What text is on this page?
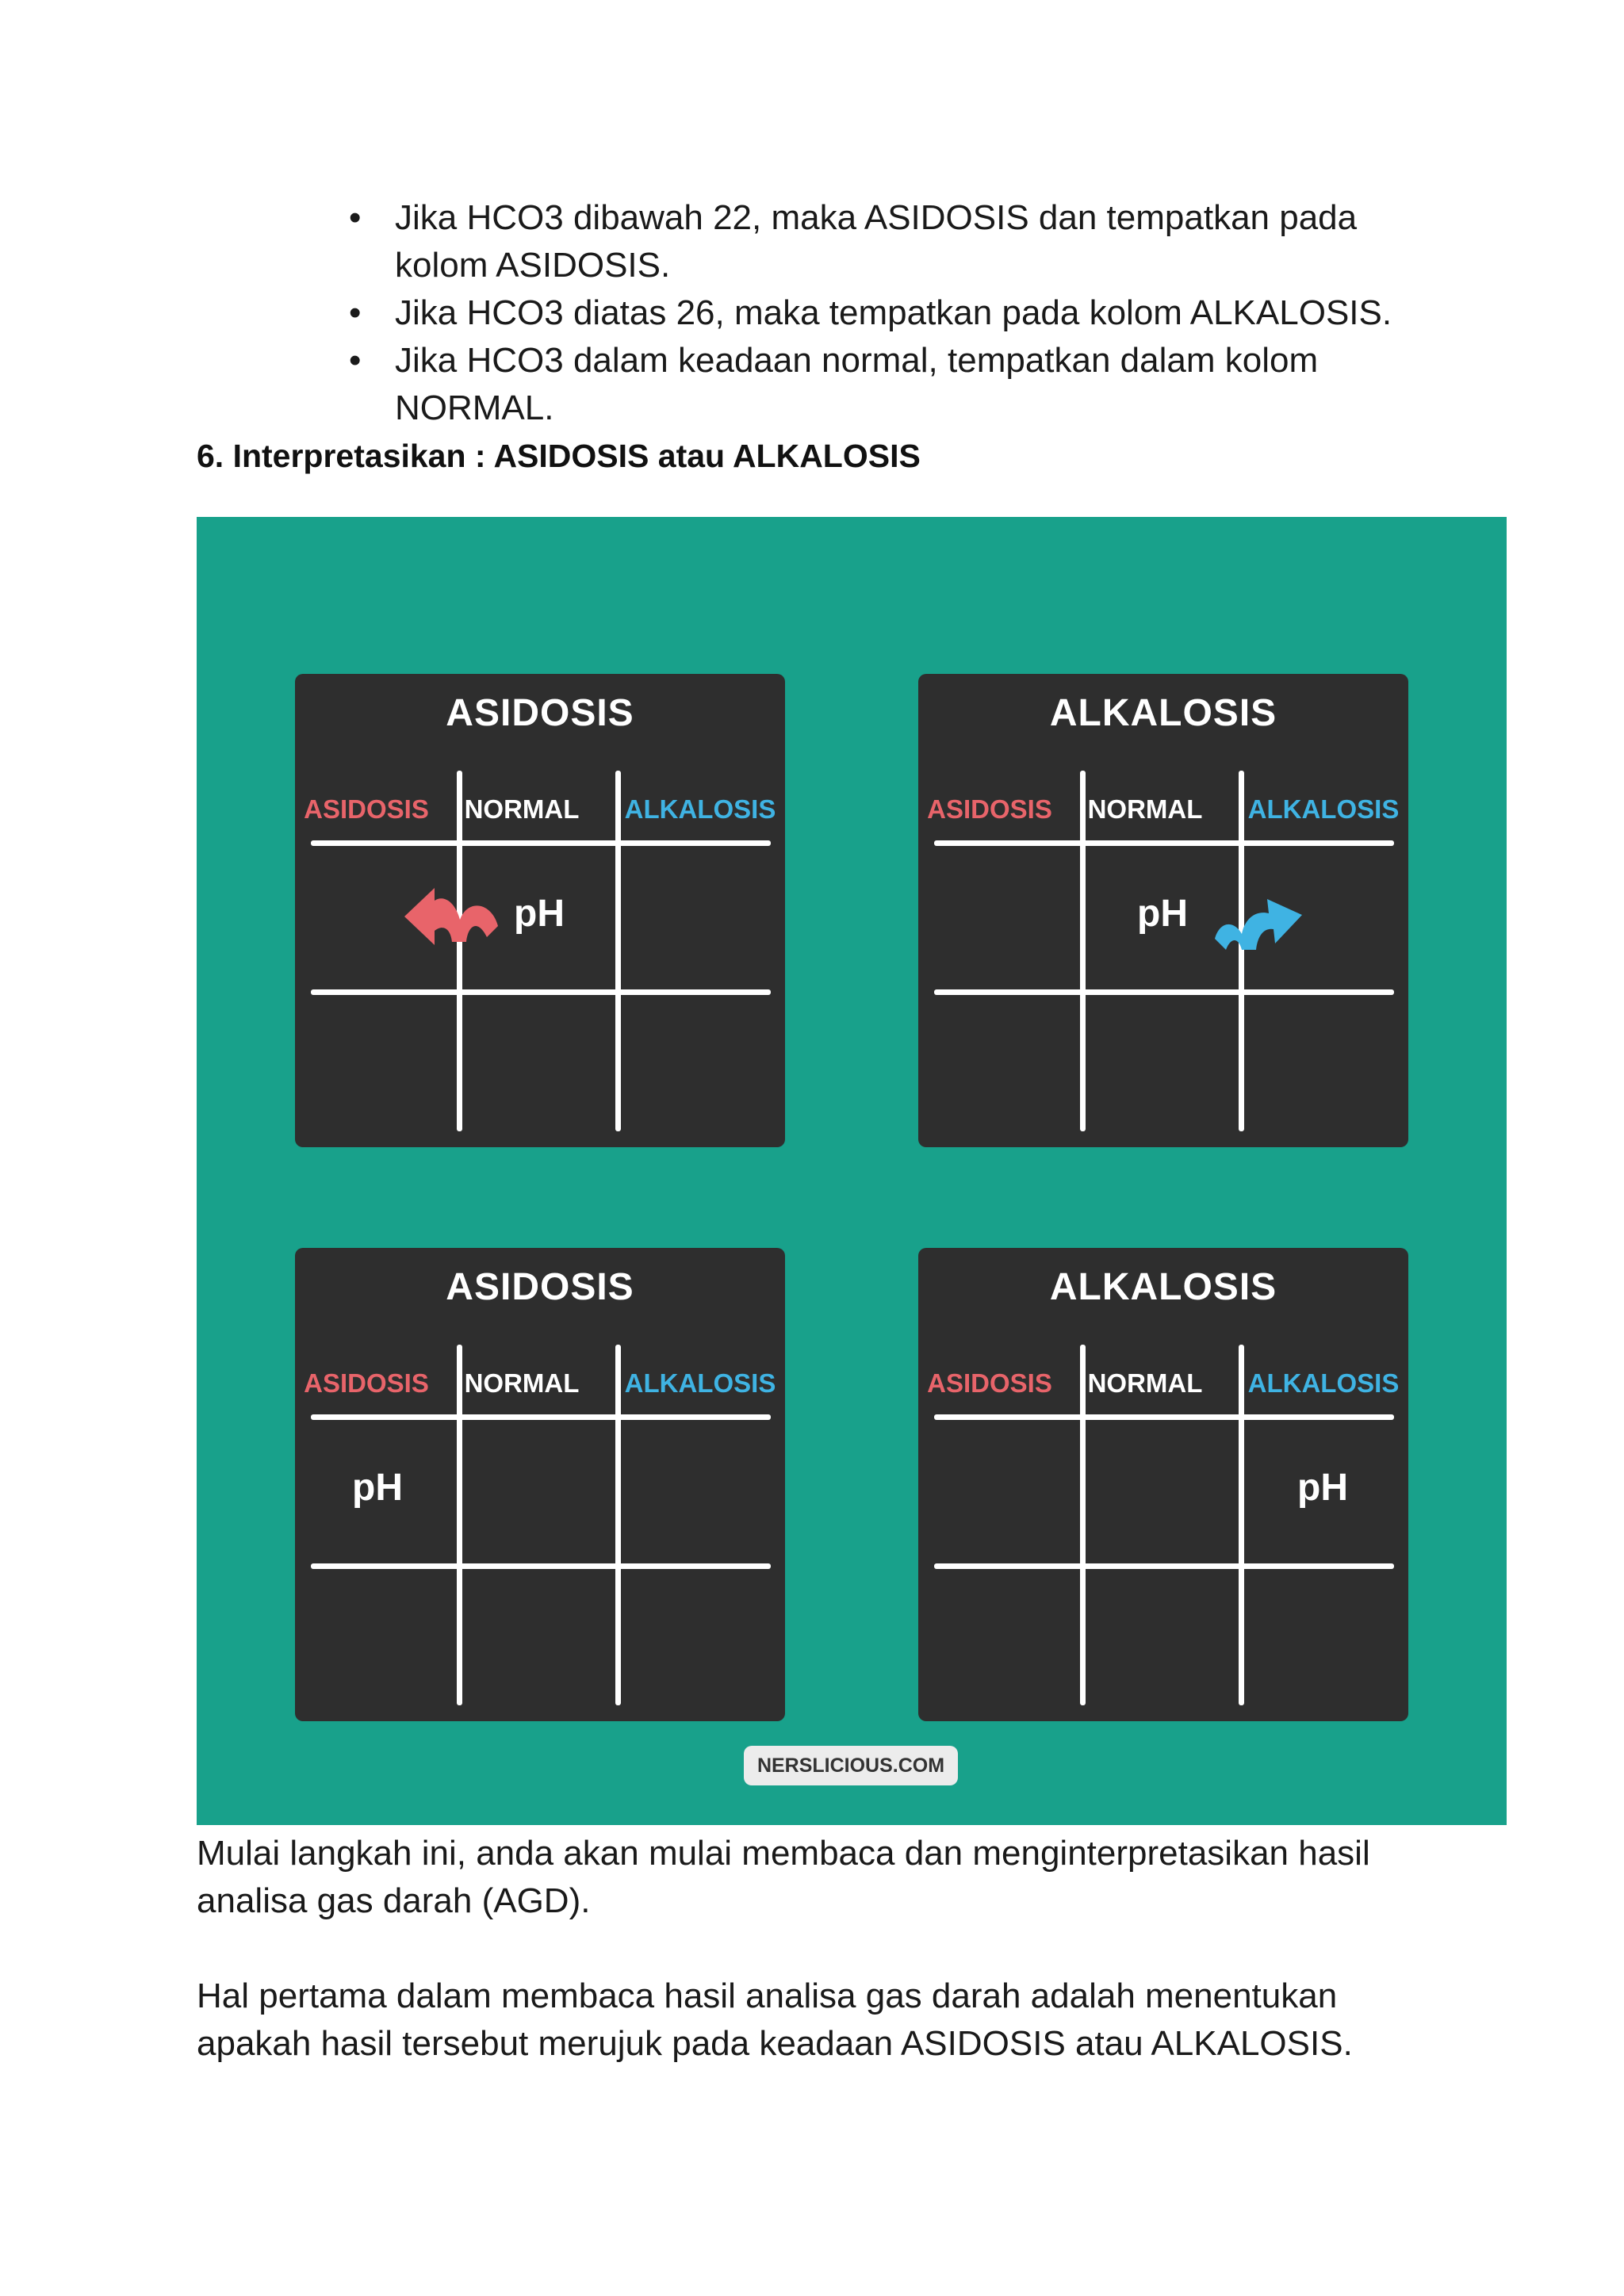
• Jika HCO3 dibawah 22, maka ASIDOSIS dan tempatkan pada kolom ASIDOSIS.
• Jika HCO3 diatas 26, maka tempatkan pada kolom ALKALOSIS.
• Jika HCO3 dalam keadaan normal, tempatkan dalam kolom NORMAL.
6. Interpretasikan : ASIDOSIS atau ALKALOSIS
ASIDOSIS
ASIDOSIS	NORMAL	ALKALOSIS
pH
ALKALOSIS
ASIDOSIS	NORMAL	ALKALOSIS
pH
ASIDOSIS
ASIDOSIS	NORMAL	ALKALOSIS
pH
ALKALOSIS
ASIDOSIS	NORMAL	ALKALOSIS
pH
NERSLICIOUS.COM
Mulai langkah ini, anda akan mulai membaca dan menginterpretasikan hasil analisa gas darah (AGD).
Hal pertama dalam membaca hasil analisa gas darah adalah menentukan apakah hasil tersebut merujuk pada keadaan ASIDOSIS atau ALKALOSIS.
